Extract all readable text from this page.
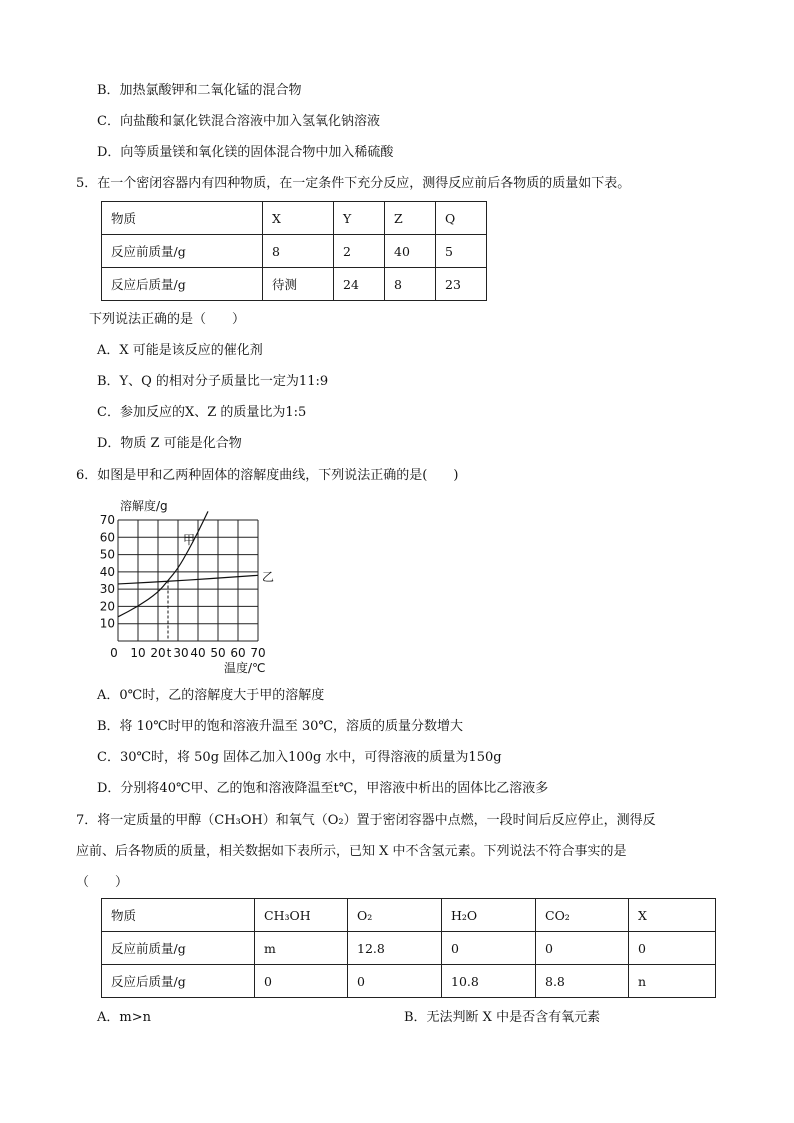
B．加热氯酸钾和二氧化锰的混合物
C．向盐酸和氯化铁混合溶液中加入氢氧化钠溶液
D．向等质量镁和氧化镁的固体混合物中加入稀硫酸
5．在一个密闭容器内有四种物质，在一定条件下充分反应，测得反应前后各物质的质量如下表。
物质	X	Y	Z	Q
反应前质量/g	8	2	40	5
反应后质量/g	待测	24	8	23
下列说法正确的是（　　）
A．X 可能是该反应的催化剂
B．Y、Q 的相对分子质量比一定为11:9
C．参加反应的X、Z 的质量比为1:5
D．物质 Z 可能是化合物
6．如图是甲和乙两种固体的溶解度曲线，下列说法正确的是(　　)
10
20
30
40
50
60
70
0 10 20 t 30 40 50 60 70
甲
乙
溶解度/g
温度/℃
A．0℃时，乙的溶解度大于甲的溶解度
B．将 10℃时甲的饱和溶液升温至 30℃，溶质的质量分数增大
C．30℃时，将 50g 固体乙加入100g 水中，可得溶液的质量为150g
D．分别将40℃甲、乙的饱和溶液降温至t℃，甲溶液中析出的固体比乙溶液多
7．将一定质量的甲醇（CH₃OH）和氧气（O₂）置于密闭容器中点燃，一段时间后反应停止，测得反
应前、后各物质的质量，相关数据如下表所示，已知 X 中不含氢元素。下列说法不符合事实的是
（　　）
物质	CH₃OH	O₂	H₂O	CO₂	X
反应前质量/g	m	12.8	0	0	0
反应后质量/g	0	0	10.8	8.8	n
A．m>n	B．无法判断 X 中是否含有氧元素
